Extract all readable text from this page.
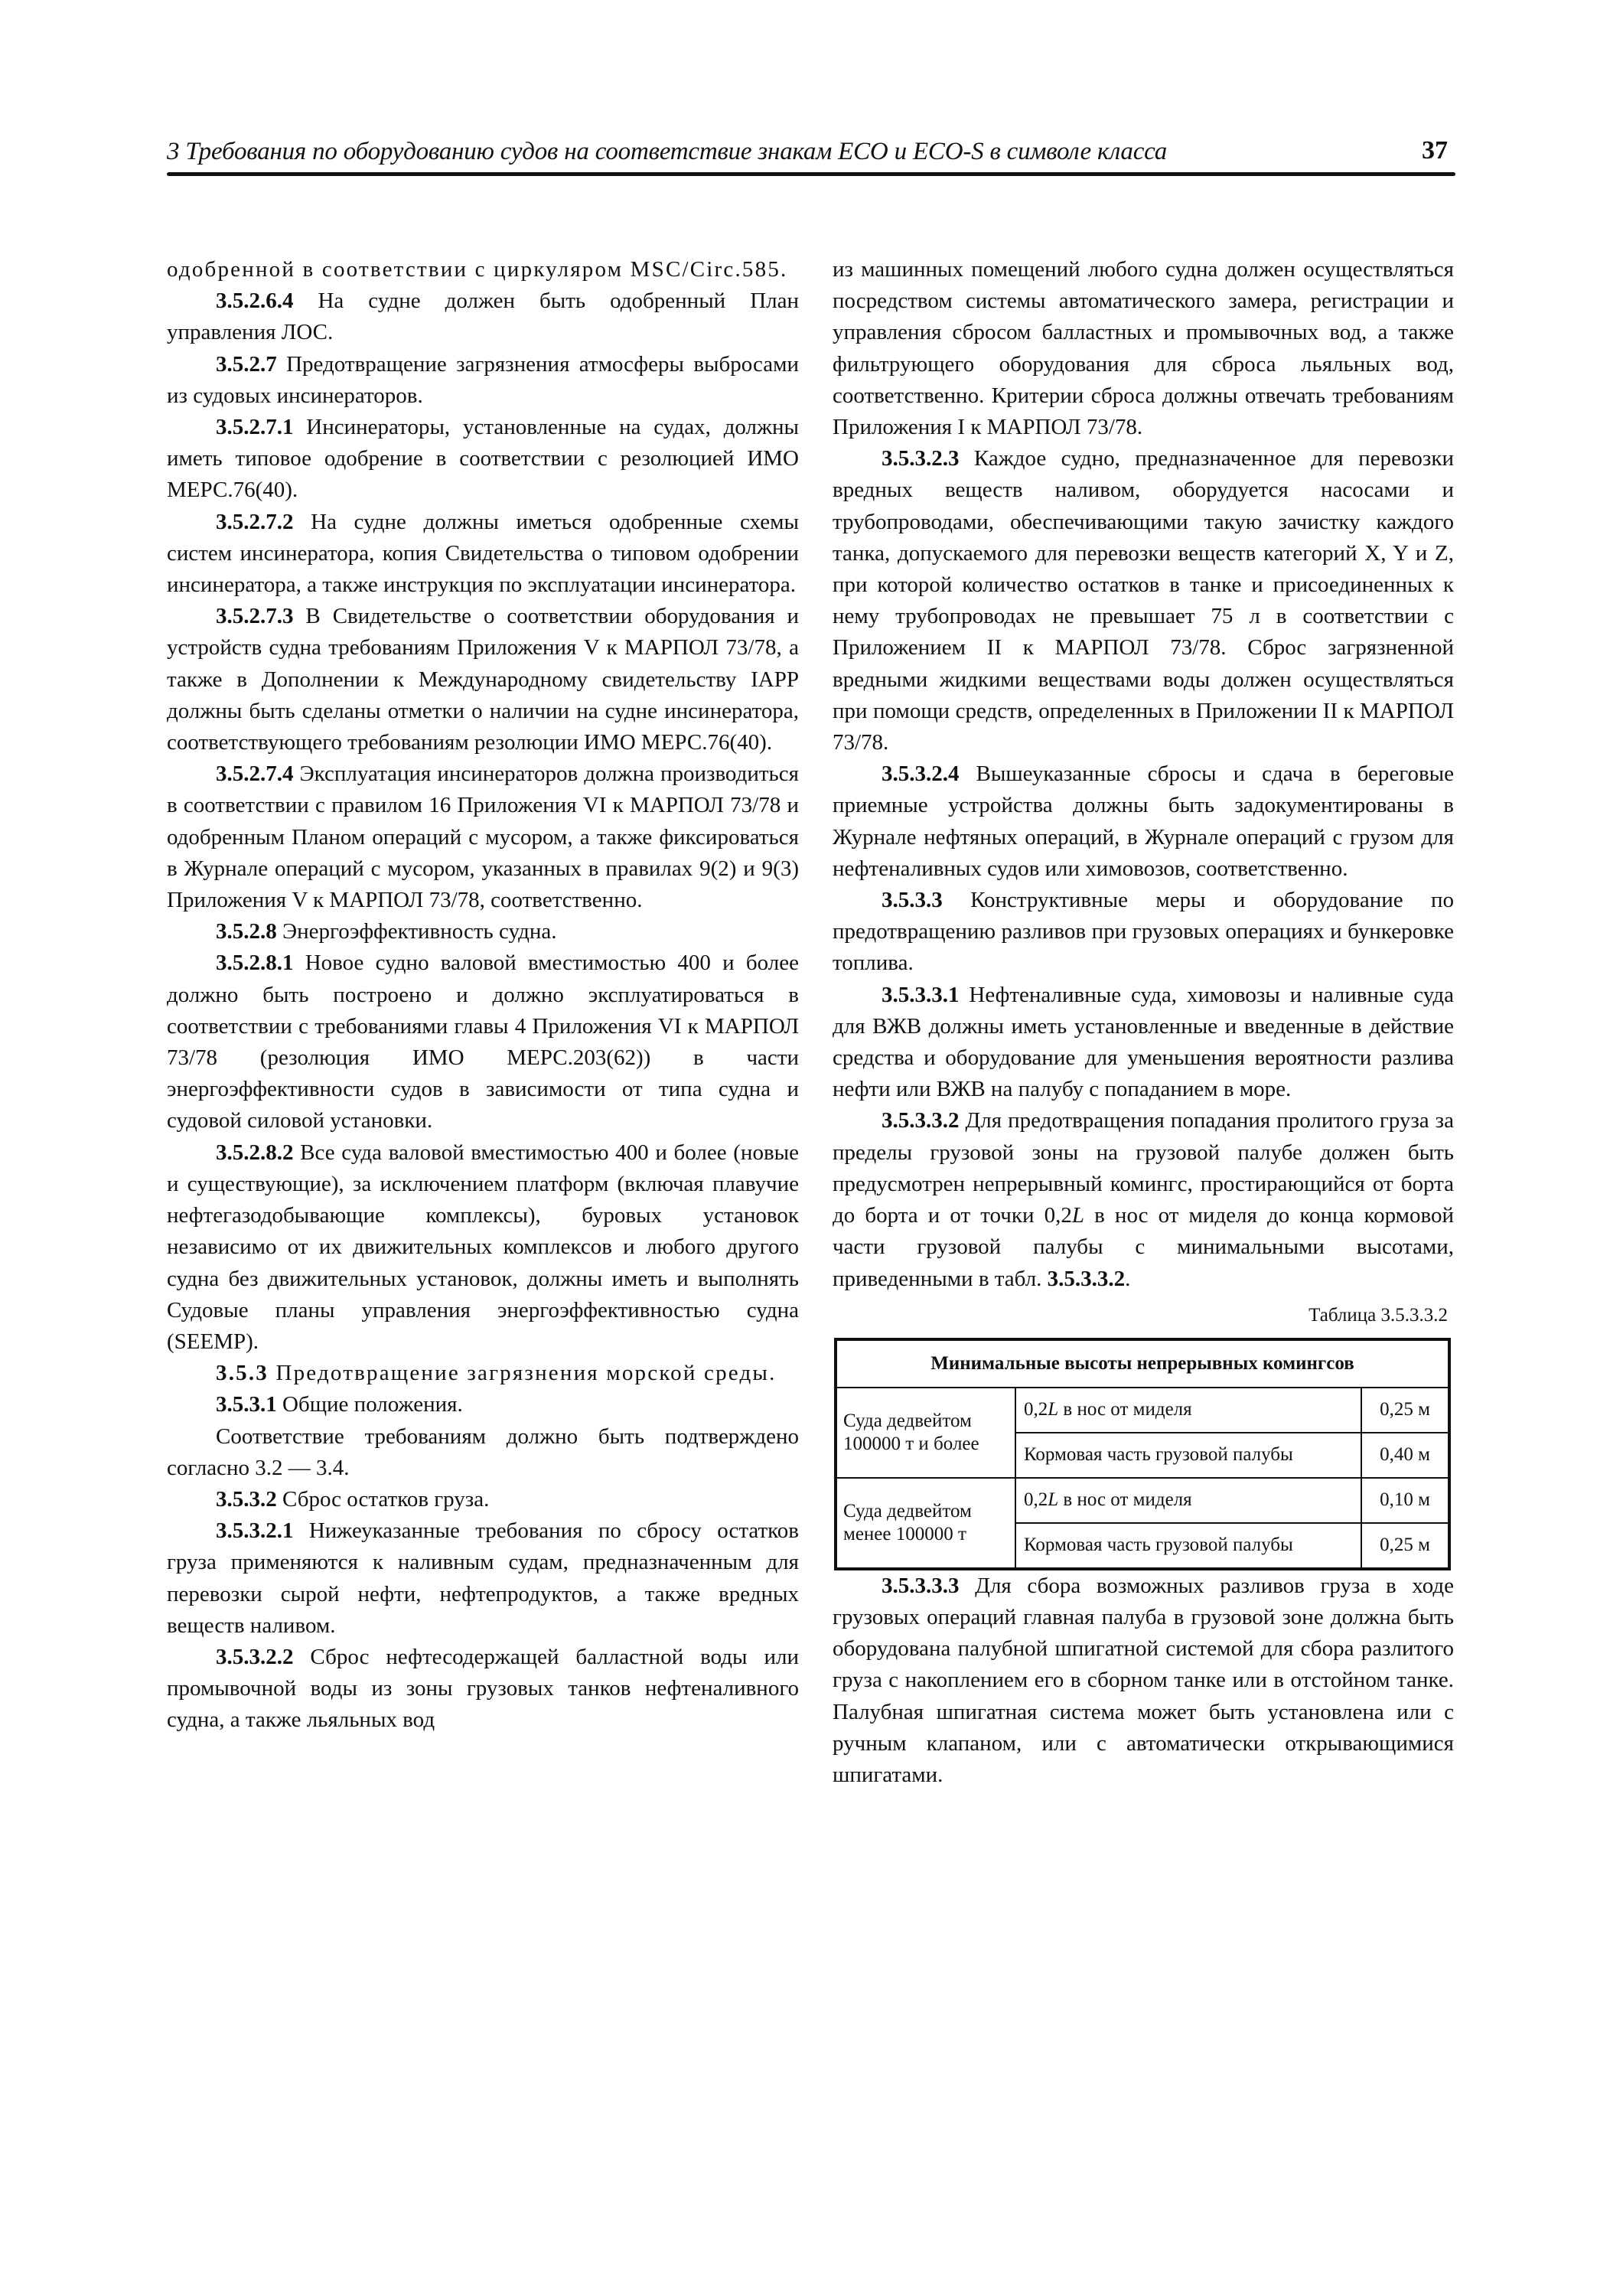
3 Требования по оборудованию судов на соответствие знакам ECO и ECO-S в символе класса	37

одобренной в соответствии с циркуляром MSC/Circ.585.

3.5.2.6.4 На судне должен быть одобренный План управления ЛОС.

3.5.2.7 Предотвращение загрязнения атмосферы выбросами из судовых инсинераторов.

3.5.2.7.1 Инсинераторы, установленные на судах, должны иметь типовое одобрение в соответствии с резолюцией ИМО МЕРС.76(40).

3.5.2.7.2 На судне должны иметься одобренные схемы систем инсинератора, копия Свидетельства о типовом одобрении инсинератора, а также инструкция по эксплуатации инсинератора.

3.5.2.7.3 В Свидетельстве о соответствии оборудования и устройств судна требованиям Приложения V к МАРПОЛ 73/78, а также в Дополнении к Международному свидетельству IAPP должны быть сделаны отметки о наличии на судне инсинератора, соответствующего требованиям резолюции ИМО МЕРС.76(40).

3.5.2.7.4 Эксплуатация инсинераторов должна производиться в соответствии с правилом 16 Приложения VI к МАРПОЛ 73/78 и одобренным Планом операций с мусором, а также фиксироваться в Журнале операций с мусором, указанных в правилах 9(2) и 9(3) Приложения V к МАРПОЛ 73/78, соответственно.

3.5.2.8 Энергоэффективность судна.

3.5.2.8.1 Новое судно валовой вместимостью 400 и более должно быть построено и должно эксплуатироваться в соответствии с требованиями главы 4 Приложения VI к МАРПОЛ 73/78 (резолюция ИМО МЕРС.203(62)) в части энергоэффективности судов в зависимости от типа судна и судовой силовой установки.

3.5.2.8.2 Все суда валовой вместимостью 400 и более (новые и существующие), за исключением платформ (включая плавучие нефтегазодобывающие комплексы), буровых установок независимо от их движительных комплексов и любого другого судна без движительных установок, должны иметь и выполнять Судовые планы управления энергоэффективностью судна (SEEMP).

3.5.3 Предотвращение загрязнения морской среды.

3.5.3.1 Общие положения.

Соответствие требованиям должно быть подтверждено согласно 3.2 — 3.4.

3.5.3.2 Сброс остатков груза.

3.5.3.2.1 Нижеуказанные требования по сбросу остатков груза применяются к наливным судам, предназначенным для перевозки сырой нефти, нефтепродуктов, а также вредных веществ наливом.

3.5.3.2.2 Сброс нефтесодержащей балластной воды или промывочной воды из зоны грузовых танков нефтеналивного судна, а также льяльных вод

из машинных помещений любого судна должен осуществляться посредством системы автоматического замера, регистрации и управления сбросом балластных и промывочных вод, а также фильтрующего оборудования для сброса льяльных вод, соответственно. Критерии сброса должны отвечать требованиям Приложения I к МАРПОЛ 73/78.

3.5.3.2.3 Каждое судно, предназначенное для перевозки вредных веществ наливом, оборудуется насосами и трубопроводами, обеспечивающими такую зачистку каждого танка, допускаемого для перевозки веществ категорий X, Y и Z, при которой количество остатков в танке и присоединенных к нему трубопроводах не превышает 75 л в соответствии с Приложением II к МАРПОЛ 73/78. Сброс загрязненной вредными жидкими веществами воды должен осуществляться при помощи средств, определенных в Приложении II к МАРПОЛ 73/78.

3.5.3.2.4 Вышеуказанные сбросы и сдача в береговые приемные устройства должны быть задокументированы в Журнале нефтяных операций, в Журнале операций с грузом для нефтеналивных судов или химовозов, соответственно.

3.5.3.3 Конструктивные меры и оборудование по предотвращению разливов при грузовых операциях и бункеровке топлива.

3.5.3.3.1 Нефтеналивные суда, химовозы и наливные суда для ВЖВ должны иметь установленные и введенные в действие средства и оборудование для уменьшения вероятности разлива нефти или ВЖВ на палубу с попаданием в море.

3.5.3.3.2 Для предотвращения попадания пролитого груза за пределы грузовой зоны на грузовой палубе должен быть предусмотрен непрерывный комингс, простирающийся от борта до борта и от точки 0,2L в нос от миделя до конца кормовой части грузовой палубы с минимальными высотами, приведенными в табл. 3.5.3.3.2.

Таблица 3.5.3.3.2
Минимальные высоты непрерывных комингсов		

Суда дедвейтом
100000 т и более	0,2L в нос от миделя	0,25 м
	Кормовая часть грузовой палубы	0,40 м

Суда дедвейтом
менее 100000 т	0,2L в нос от миделя	0,10 м
	Кормовая часть грузовой палубы	0,25 м

3.5.3.3.3 Для сбора возможных разливов груза в ходе грузовых операций главная палуба в грузовой зоне должна быть оборудована палубной шпигатной системой для сбора разлитого груза с накоплением его в сборном танке или в отстойном танке. Палубная шпигатная система может быть установлена или с ручным клапаном, или с автоматически открывающимися шпигатами.
